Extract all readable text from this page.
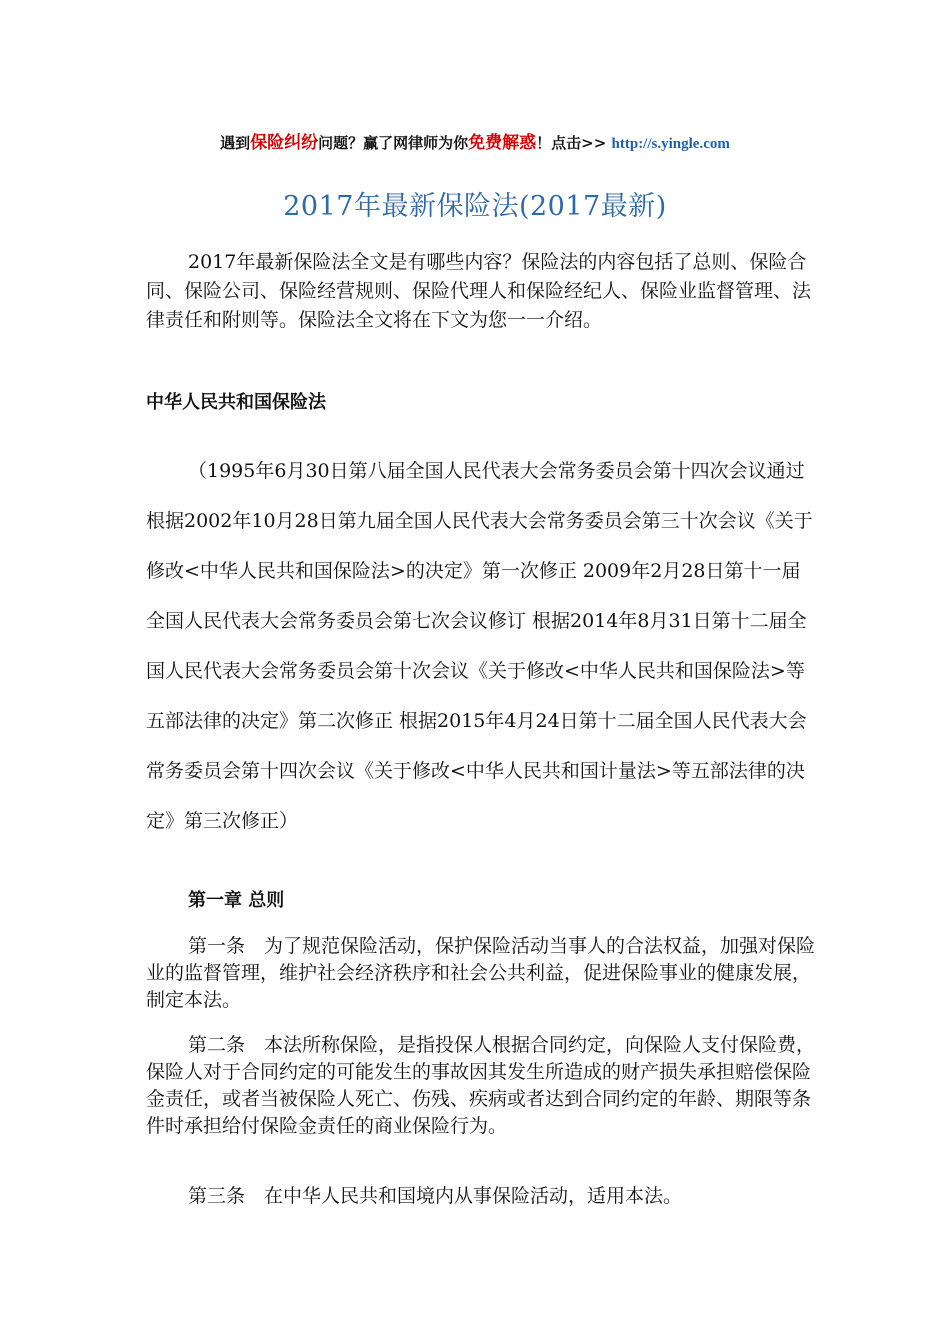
遇到保险纠纷问题？赢了网律师为你免费解惑！点击>> http://s.yingle.com
2017年最新保险法(2017最新)
2017年最新保险法全文是有哪些内容？保险法的内容包括了总则、保险合同、保险公司、保险经营规则、保险代理人和保险经纪人、保险业监督管理、法律责任和附则等。保险法全文将在下文为您一一介绍。
中华人民共和国保险法
（1995年6月30日第八届全国人民代表大会常务委员会第十四次会议通过 根据2002年10月28日第九届全国人民代表大会常务委员会第三十次会议《关于修改<中华人民共和国保险法>的决定》第一次修正 2009年2月28日第十一届全国人民代表大会常务委员会第七次会议修订 根据2014年8月31日第十二届全国人民代表大会常务委员会第十次会议《关于修改<中华人民共和国保险法>等五部法律的决定》第二次修正 根据2015年4月24日第十二届全国人民代表大会常务委员会第十四次会议《关于修改<中华人民共和国计量法>等五部法律的决定》第三次修正）
第一章 总则
第一条　为了规范保险活动，保护保险活动当事人的合法权益，加强对保险业的监督管理，维护社会经济秩序和社会公共利益，促进保险事业的健康发展，制定本法。
第二条　本法所称保险，是指投保人根据合同约定，向保险人支付保险费，保险人对于合同约定的可能发生的事故因其发生所造成的财产损失承担赔偿保险金责任，或者当被保险人死亡、伤残、疾病或者达到合同约定的年龄、期限等条件时承担给付保险金责任的商业保险行为。
第三条　在中华人民共和国境内从事保险活动，适用本法。
